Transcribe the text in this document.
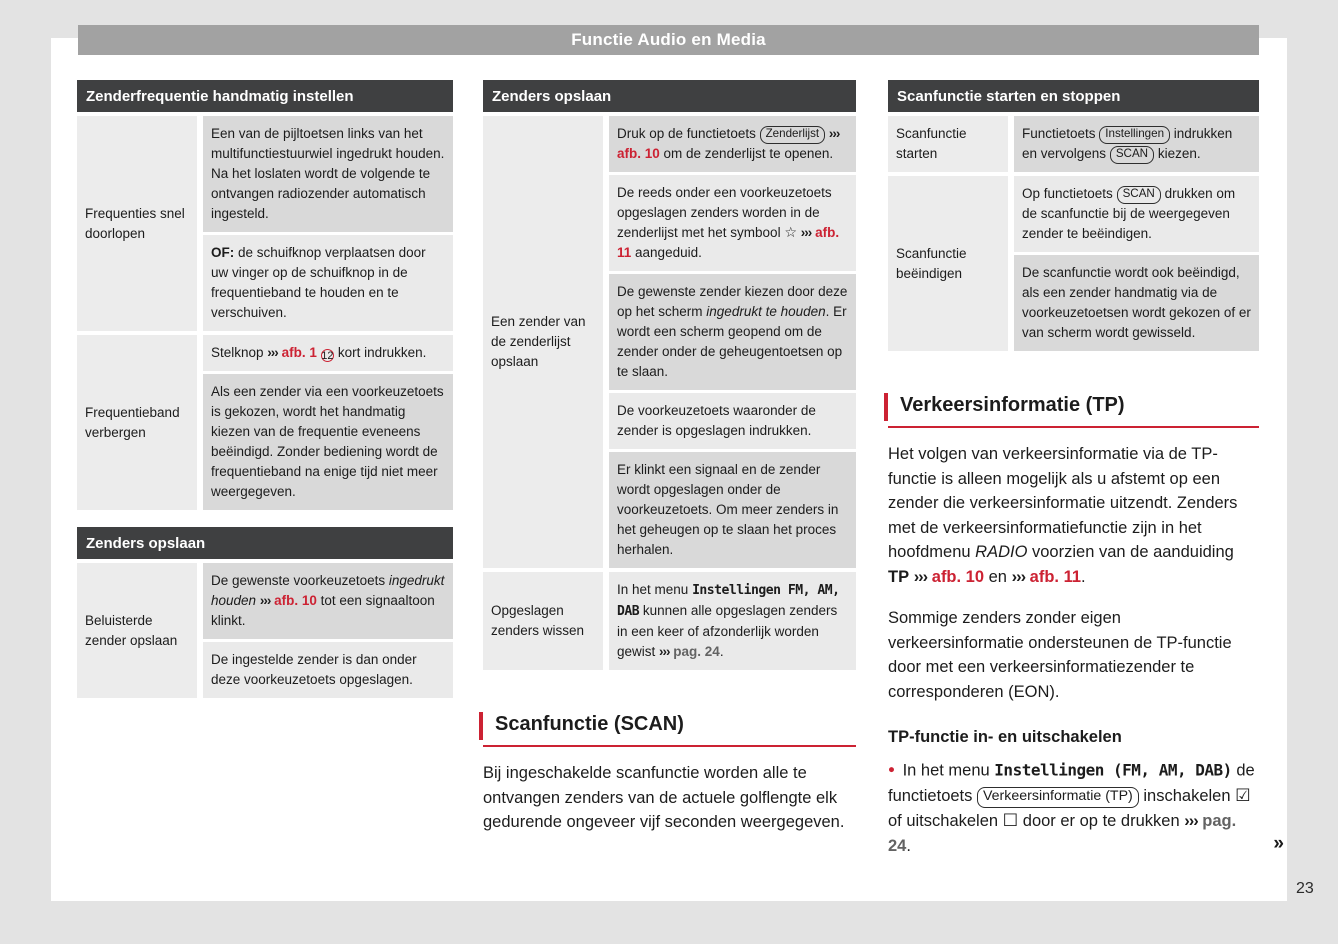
Functie Audio en Media
Zenderfrequentie handmatig instellen
Frequenties snel doorlopen
Een van de pijltoetsen links van het multifunctiestuurwiel ingedrukt houden. Na het loslaten wordt de volgende te ontvangen radiozender automatisch ingesteld.
OF: de schuifknop verplaatsen door uw vinger op de schuifknop in de frequentieband te houden en te verschuiven.
Frequentieband verbergen
Stelknop ››› afb. 1 12 kort indrukken.
Als een zender via een voorkeuzetoets is gekozen, wordt het handmatig kiezen van de frequentie eveneens beëindigd. Zonder bediening wordt de frequentieband na enige tijd niet meer weergegeven.
Zenders opslaan
Beluisterde zender opslaan
De gewenste voorkeuzetoets ingedrukt houden ››› afb. 10 tot een signaaltoon klinkt.
De ingestelde zender is dan onder deze voorkeuzetoets opgeslagen.
Zenders opslaan
Een zender van de zenderlijst opslaan
Druk op de functietoets Zenderlijst ››› afb. 10 om de zenderlijst te openen.
De reeds onder een voorkeuzetoets opgeslagen zenders worden in de zenderlijst met het symbool ☆ ››› afb. 11 aangeduid.
De gewenste zender kiezen door deze op het scherm ingedrukt te houden. Er wordt een scherm geopend om de zender onder de geheugentoetsen op te slaan.
De voorkeuzetoets waaronder de zender is opgeslagen indrukken.
Er klinkt een signaal en de zender wordt opgeslagen onder de voorkeuzetoets. Om meer zenders in het geheugen op te slaan het proces herhalen.
Opgeslagen zenders wissen
In het menu Instellingen FM, AM, DAB kunnen alle opgeslagen zenders in een keer of afzonderlijk worden gewist ››› pag. 24.
Scanfunctie (SCAN)

Bij ingeschakelde scanfunctie worden alle te ontvangen zenders van de actuele golflengte elk gedurende ongeveer vijf seconden weergegeven.

Scanfunctie starten en stoppen
Scanfunctie starten
Functietoets Instellingen indrukken en vervolgens SCAN kiezen.
Scanfunctie beëindigen
Op functietoets SCAN drukken om de scanfunctie bij de weergegeven zender te beëindigen.
De scanfunctie wordt ook beëindigd, als een zender handmatig via de voorkeuzetoetsen wordt gekozen of er van scherm wordt gewisseld.
Verkeersinformatie (TP)

Het volgen van verkeersinformatie via de TP-functie is alleen mogelijk als u afstemt op een zender die verkeersinformatie uitzendt. Zenders met de verkeersinformatiefunctie zijn in het hoofdmenu RADIO voorzien van de aanduiding TP ››› afb. 10 en ››› afb. 11.

Sommige zenders zonder eigen verkeersinformatie ondersteunen de TP-functie door met een verkeersinformatiezender te corresponderen (EON).

TP-functie in- en uitschakelen

● In het menu Instellingen (FM, AM, DAB) de functietoets Verkeersinformatie (TP) inschakelen ☑ of uitschakelen ☐ door er op te drukken ››› pag. 24.	»

23
